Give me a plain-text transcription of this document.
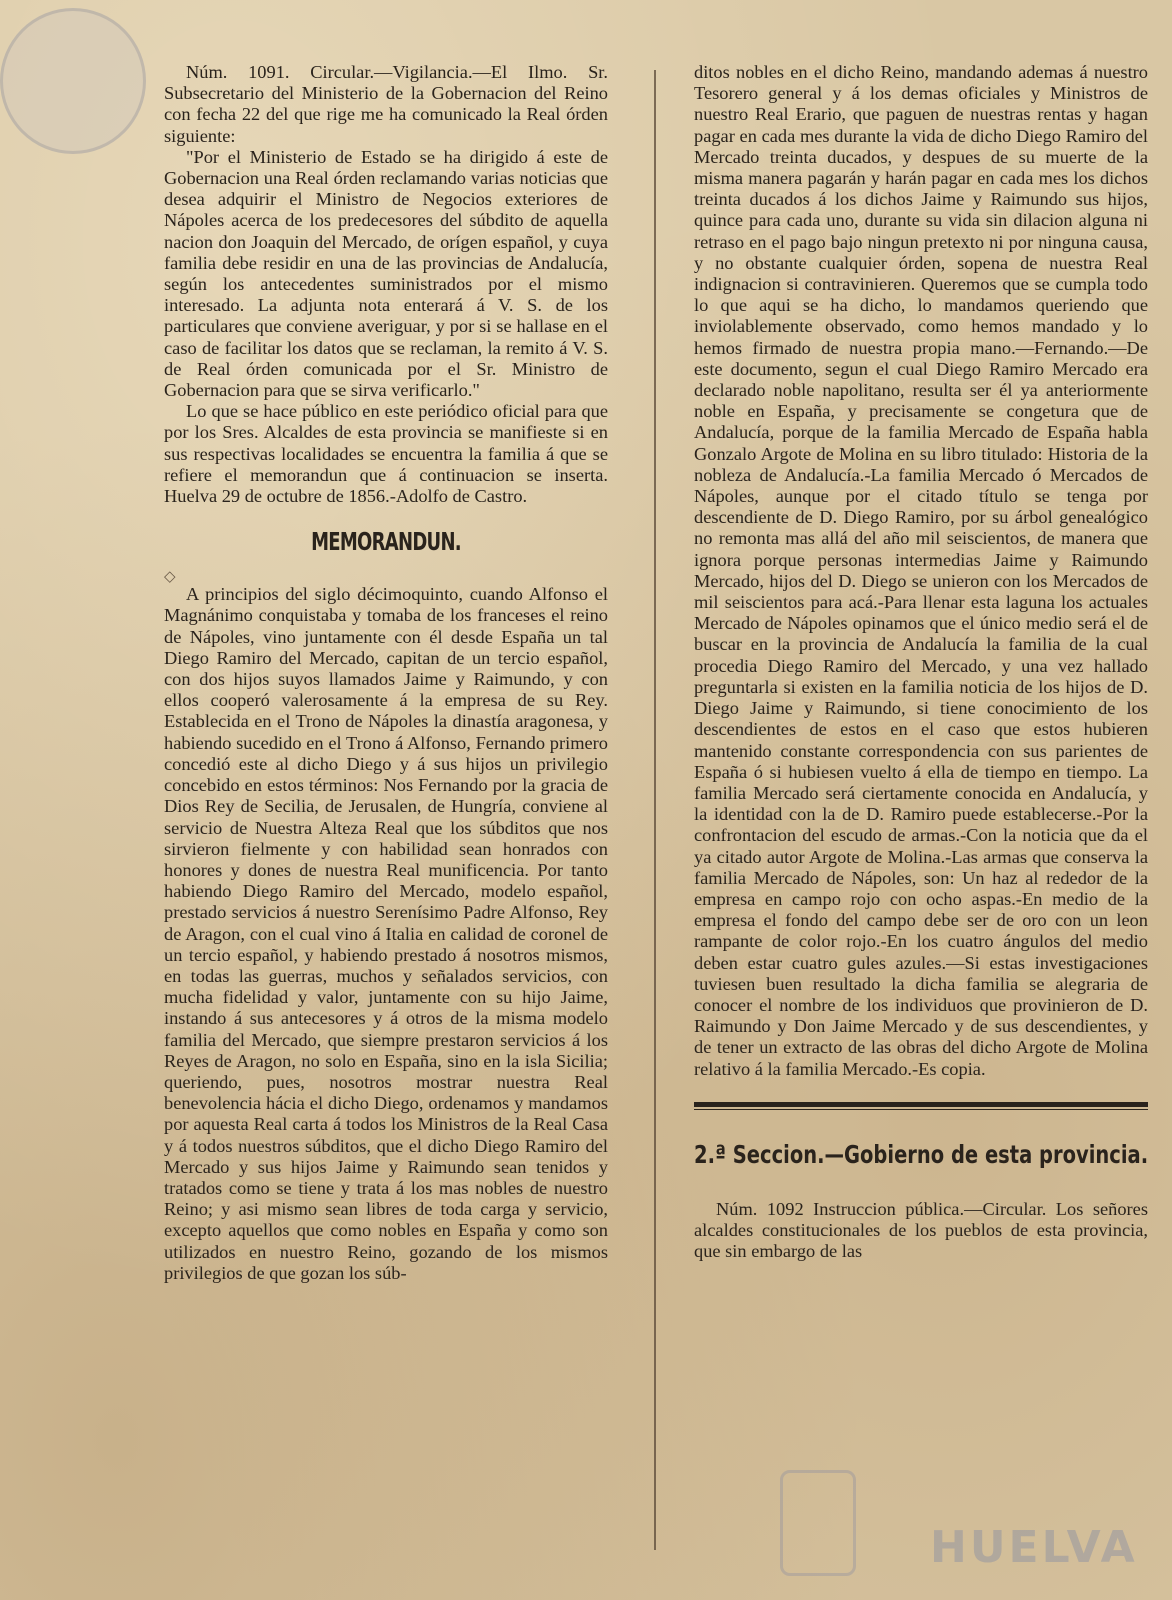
Núm. 1091. Circular.—Vigilancia.—El Ilmo. Sr. Subsecretario del Ministerio de la Gobernacion del Reino con fecha 22 del que rige me ha comunicado la Real órden siguiente:

"Por el Ministerio de Estado se ha dirigido á este de Gobernacion una Real órden reclamando varias noticias que desea adquirir el Ministro de Negocios exteriores de Nápoles acerca de los predecesores del súbdito de aquella nacion don Joaquin del Mercado, de orígen español, y cuya familia debe residir en una de las provincias de Andalucía, según los antecedentes suministrados por el mismo interesado. La adjunta nota enterará á V. S. de los particulares que conviene averiguar, y por si se hallase en el caso de facilitar los datos que se reclaman, la remito á V. S. de Real órden comunicada por el Sr. Ministro de Gobernacion para que se sirva verificarlo."

Lo que se hace público en este periódico oficial para que por los Sres. Alcaldes de esta provincia se manifieste si en sus respectivas localidades se encuentra la familia á que se refiere el memorandun que á continuacion se inserta. Huelva 29 de octubre de 1856.-Adolfo de Castro.

MEMORANDUN.
◇

A principios del siglo décimoquinto, cuando Alfonso el Magnánimo conquistaba y tomaba de los franceses el reino de Nápoles, vino juntamente con él desde España un tal Diego Ramiro del Mercado, capitan de un tercio español, con dos hijos suyos llamados Jaime y Raimundo, y con ellos cooperó valerosamente á la empresa de su Rey. Establecida en el Trono de Nápoles la dinastía aragonesa, y habiendo sucedido en el Trono á Alfonso, Fernando primero concedió este al dicho Diego y á sus hijos un privilegio concebido en estos términos: Nos Fernando por la gracia de Dios Rey de Secilia, de Jerusalen, de Hungría, conviene al servicio de Nuestra Alteza Real que los súbditos que nos sirvieron fielmente y con habilidad sean honrados con honores y dones de nuestra Real munificencia. Por tanto habiendo Diego Ramiro del Mercado, modelo español, prestado servicios á nuestro Serenísimo Padre Alfonso, Rey de Aragon, con el cual vino á Italia en calidad de coronel de un tercio español, y habiendo prestado á nosotros mismos, en todas las guerras, muchos y señalados servicios, con mucha fidelidad y valor, juntamente con su hijo Jaime, instando á sus antecesores y á otros de la misma modelo familia del Mercado, que siempre prestaron servicios á los Reyes de Aragon, no solo en España, sino en la isla Sicilia; queriendo, pues, nosotros mostrar nuestra Real benevolencia hácia el dicho Diego, ordenamos y mandamos por aquesta Real carta á todos los Ministros de la Real Casa y á todos nuestros súbditos, que el dicho Diego Ramiro del Mercado y sus hijos Jaime y Raimundo sean tenidos y tratados como se tiene y trata á los mas nobles de nuestro Reino; y asi mismo sean libres de toda carga y servicio, excepto aquellos que como nobles en España y como son utilizados en nuestro Reino, gozando de los mismos privilegios de que gozan los súb-

ditos nobles en el dicho Reino, mandando ademas á nuestro Tesorero general y á los demas oficiales y Ministros de nuestro Real Erario, que paguen de nuestras rentas y hagan pagar en cada mes durante la vida de dicho Diego Ramiro del Mercado treinta ducados, y despues de su muerte de la misma manera pagarán y harán pagar en cada mes los dichos treinta ducados á los dichos Jaime y Raimundo sus hijos, quince para cada uno, durante su vida sin dilacion alguna ni retraso en el pago bajo ningun pretexto ni por ninguna causa, y no obstante cualquier órden, sopena de nuestra Real indignacion si contravinieren. Queremos que se cumpla todo lo que aqui se ha dicho, lo mandamos queriendo que inviolablemente observado, como hemos mandado y lo hemos firmado de nuestra propia mano.—Fernando.—De este documento, segun el cual Diego Ramiro Mercado era declarado noble napolitano, resulta ser él ya anteriormente noble en España, y precisamente se congetura que de Andalucía, porque de la familia Mercado de España habla Gonzalo Argote de Molina en su libro titulado: Historia de la nobleza de Andalucía.-La familia Mercado ó Mercados de Nápoles, aunque por el citado título se tenga por descendiente de D. Diego Ramiro, por su árbol genealógico no remonta mas allá del año mil seiscientos, de manera que ignora porque personas intermedias Jaime y Raimundo Mercado, hijos del D. Diego se unieron con los Mercados de mil seiscientos para acá.-Para llenar esta laguna los actuales Mercado de Nápoles opinamos que el único medio será el de buscar en la provincia de Andalucía la familia de la cual procedia Diego Ramiro del Mercado, y una vez hallado preguntarla si existen en la familia noticia de los hijos de D. Diego Jaime y Raimundo, si tiene conocimiento de los descendientes de estos en el caso que estos hubieren mantenido constante correspondencia con sus parientes de España ó si hubiesen vuelto á ella de tiempo en tiempo. La familia Mercado será ciertamente conocida en Andalucía, y la identidad con la de D. Ramiro puede establecerse.-Por la confrontacion del escudo de armas.-Con la noticia que da el ya citado autor Argote de Molina.-Las armas que conserva la familia Mercado de Nápoles, son: Un haz al rededor de la empresa en campo rojo con ocho aspas.-En medio de la empresa el fondo del campo debe ser de oro con un leon rampante de color rojo.-En los cuatro ángulos del medio deben estar cuatro gules azules.—Si estas investigaciones tuviesen buen resultado la dicha familia se alegraria de conocer el nombre de los individuos que provinieron de D. Raimundo y Don Jaime Mercado y de sus descendientes, y de tener un extracto de las obras del dicho Argote de Molina relativo á la familia Mercado.-Es copia.

2.ª Seccion.—Gobierno de esta provincia.

Núm. 1092 Instruccion pública.—Circular. Los señores alcaldes constitucionales de los pueblos de esta provincia, que sin embargo de las

HUELVA
